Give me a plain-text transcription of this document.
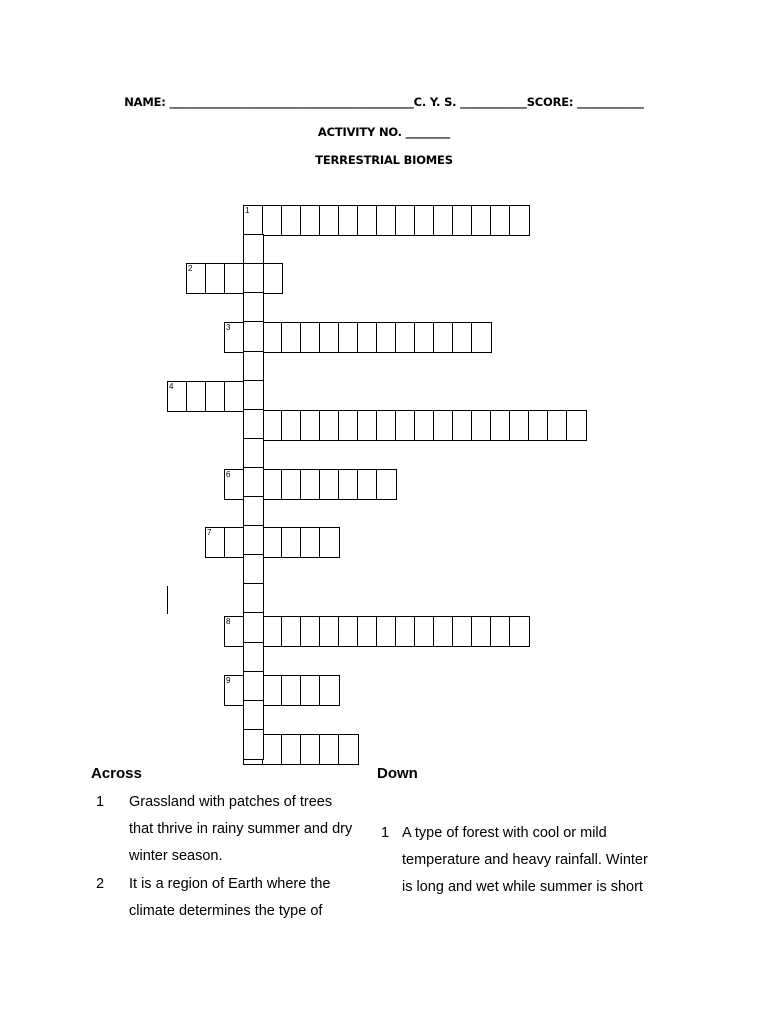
NAME: ____________________________________________C. Y. S. ____________SCORE: ____________
ACTIVITY NO. ________
TERRESTRIAL BIOMES
1
2
3
4
6
7
8
9
Across	Down
1 Grassland with patches of trees
that thrive in rainy summer and dry
winter season.
2 It is a region of Earth where the
climate determines the type of
1 A type of forest with cool or mild
temperature and heavy rainfall. Winter
is long and wet while summer is short
